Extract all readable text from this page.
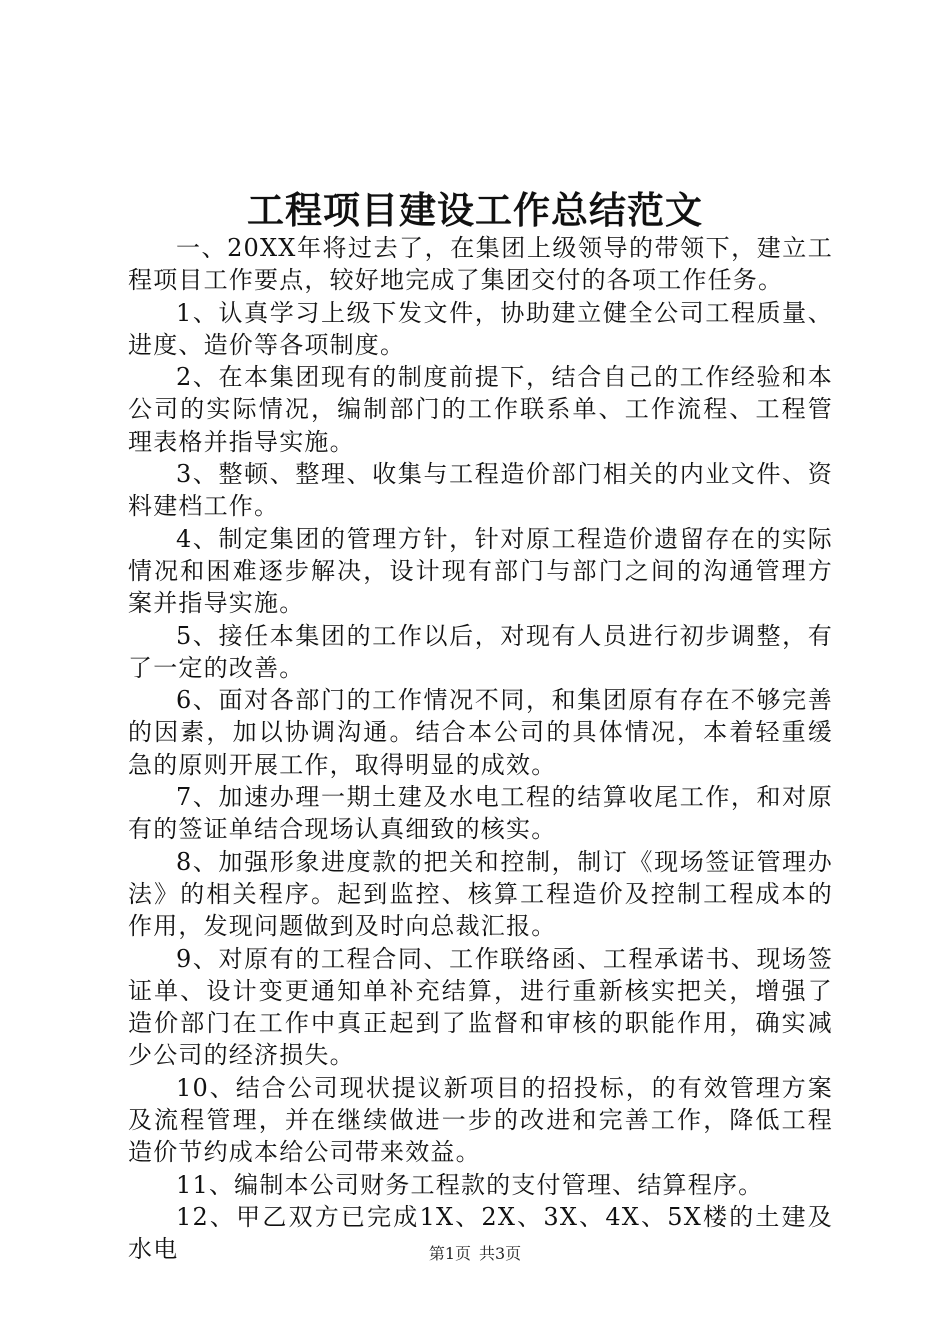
工程项目建设工作总结范文

一、20XX年将过去了，在集团上级领导的带领下，建立工程项目工作要点，较好地完成了集团交付的各项工作任务。

1、认真学习上级下发文件，协助建立健全公司工程质量、进度、造价等各项制度。

2、在本集团现有的制度前提下，结合自己的工作经验和本公司的实际情况，编制部门的工作联系单、工作流程、工程管理表格并指导实施。

3、整顿、整理、收集与工程造价部门相关的内业文件、资料建档工作。

4、制定集团的管理方针，针对原工程造价遗留存在的实际情况和困难逐步解决，设计现有部门与部门之间的沟通管理方案并指导实施。

5、接任本集团的工作以后，对现有人员进行初步调整，有了一定的改善。

6、面对各部门的工作情况不同，和集团原有存在不够完善的因素，加以协调沟通。结合本公司的具体情况，本着轻重缓急的原则开展工作，取得明显的成效。

7、加速办理一期土建及水电工程的结算收尾工作，和对原有的签证单结合现场认真细致的核实。

8、加强形象进度款的把关和控制，制订《现场签证管理办法》的相关程序。起到监控、核算工程造价及控制工程成本的作用，发现问题做到及时向总裁汇报。

9、对原有的工程合同、工作联络函、工程承诺书、现场签证单、设计变更通知单补充结算，进行重新核实把关，增强了造价部门在工作中真正起到了监督和审核的职能作用，确实减少公司的经济损失。

10、结合公司现状提议新项目的招投标，的有效管理方案及流程管理，并在继续做进一步的改进和完善工作，降低工程造价节约成本给公司带来效益。

11、编制本公司财务工程款的支付管理、结算程序。

12、甲乙双方已完成1X、2X、3X、4X、5X楼的土建及水电	第1页 共3页
